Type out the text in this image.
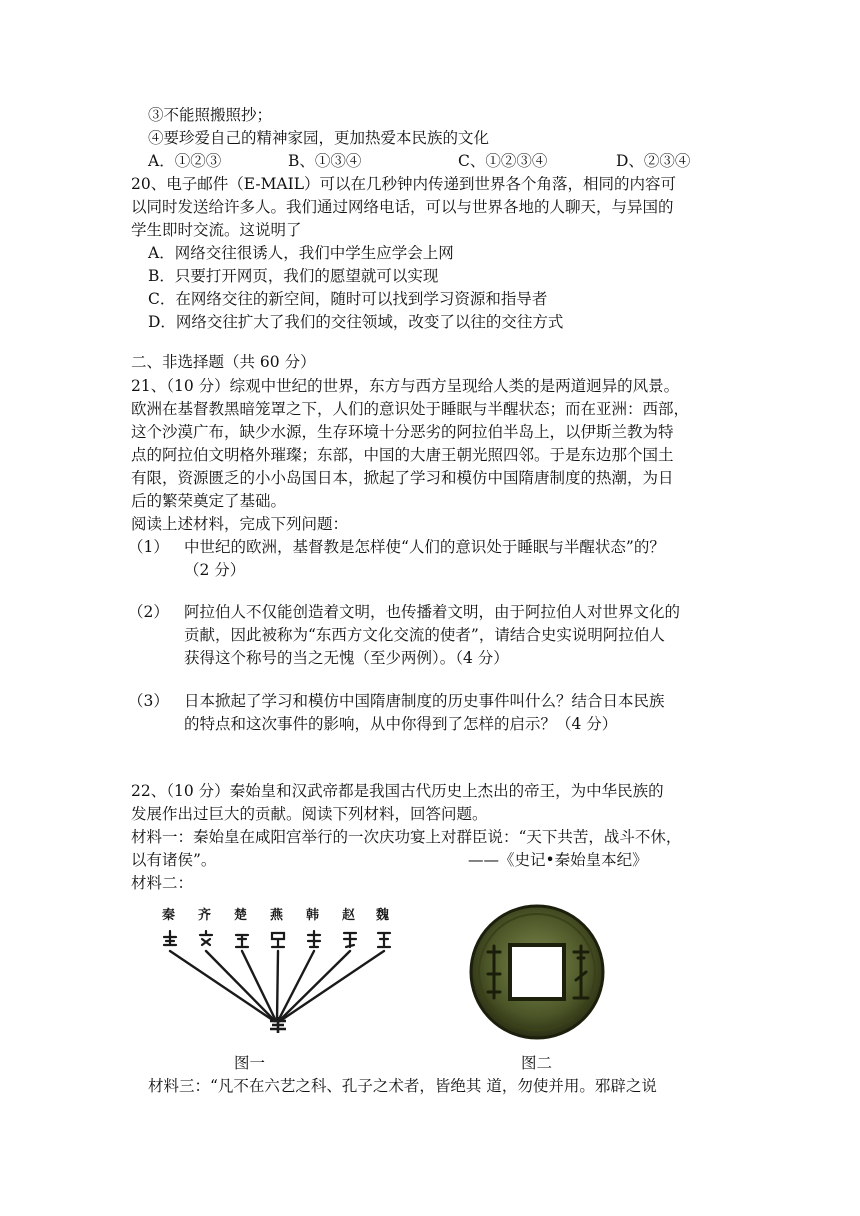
③不能照搬照抄；
④要珍爱自己的精神家园，更加热爱本民族的文化
A．①②③	B、①③④	C、①②③④	D、②③④
20、电子邮件（E-MAIL）可以在几秒钟内传递到世界各个角落，相同的内容可
以同时发送给许多人。我们通过网络电话，可以与世界各地的人聊天，与异国的
学生即时交流。这说明了
A．网络交往很诱人，我们中学生应学会上网
B．只要打开网页，我们的愿望就可以实现
C．在网络交往的新空间，随时可以找到学习资源和指导者
D．网络交往扩大了我们的交往领域，改变了以往的交往方式
二、非选择题（共 60 分）
21、（10 分）综观中世纪的世界，东方与西方呈现给人类的是两道迥异的风景。
欧洲在基督教黑暗笼罩之下，人们的意识处于睡眠与半醒状态；而在亚洲：西部，
这个沙漠广布，缺少水源，生存环境十分恶劣的阿拉伯半岛上，以伊斯兰教为特
点的阿拉伯文明格外璀璨；东部，中国的大唐王朝光照四邻。于是东边那个国土
有限，资源匮乏的小小岛国日本，掀起了学习和模仿中国隋唐制度的热潮，为日
后的繁荣奠定了基础。
阅读上述材料，完成下列问题：
（1） 中世纪的欧洲，基督教是怎样使“人们的意识处于睡眠与半醒状态”的？
（2 分）
（2） 阿拉伯人不仅能创造着文明，也传播着文明，由于阿拉伯人对世界文化的
贡献，因此被称为“东西方文化交流的使者”，请结合史实说明阿拉伯人
获得这个称号的当之无愧（至少两例）。（4 分）
（3） 日本掀起了学习和模仿中国隋唐制度的历史事件叫什么？结合日本民族
的特点和这次事件的影响，从中你得到了怎样的启示？（4 分）
22、（10 分）秦始皇和汉武帝都是我国古代历史上杰出的帝王，为中华民族的
发展作出过巨大的贡献。阅读下列材料，回答问题。
材料一：秦始皇在咸阳宫举行的一次庆功宴上对群臣说：“天下共苦，战斗不休，
以有诸侯”。	——《史记•秦始皇本纪》
材料二：
秦 齐 楚 燕 韩 赵 魏
图一	图二
材料三：“凡不在六艺之科、孔子之术者，皆绝其 道，勿使并用。邪辟之说
